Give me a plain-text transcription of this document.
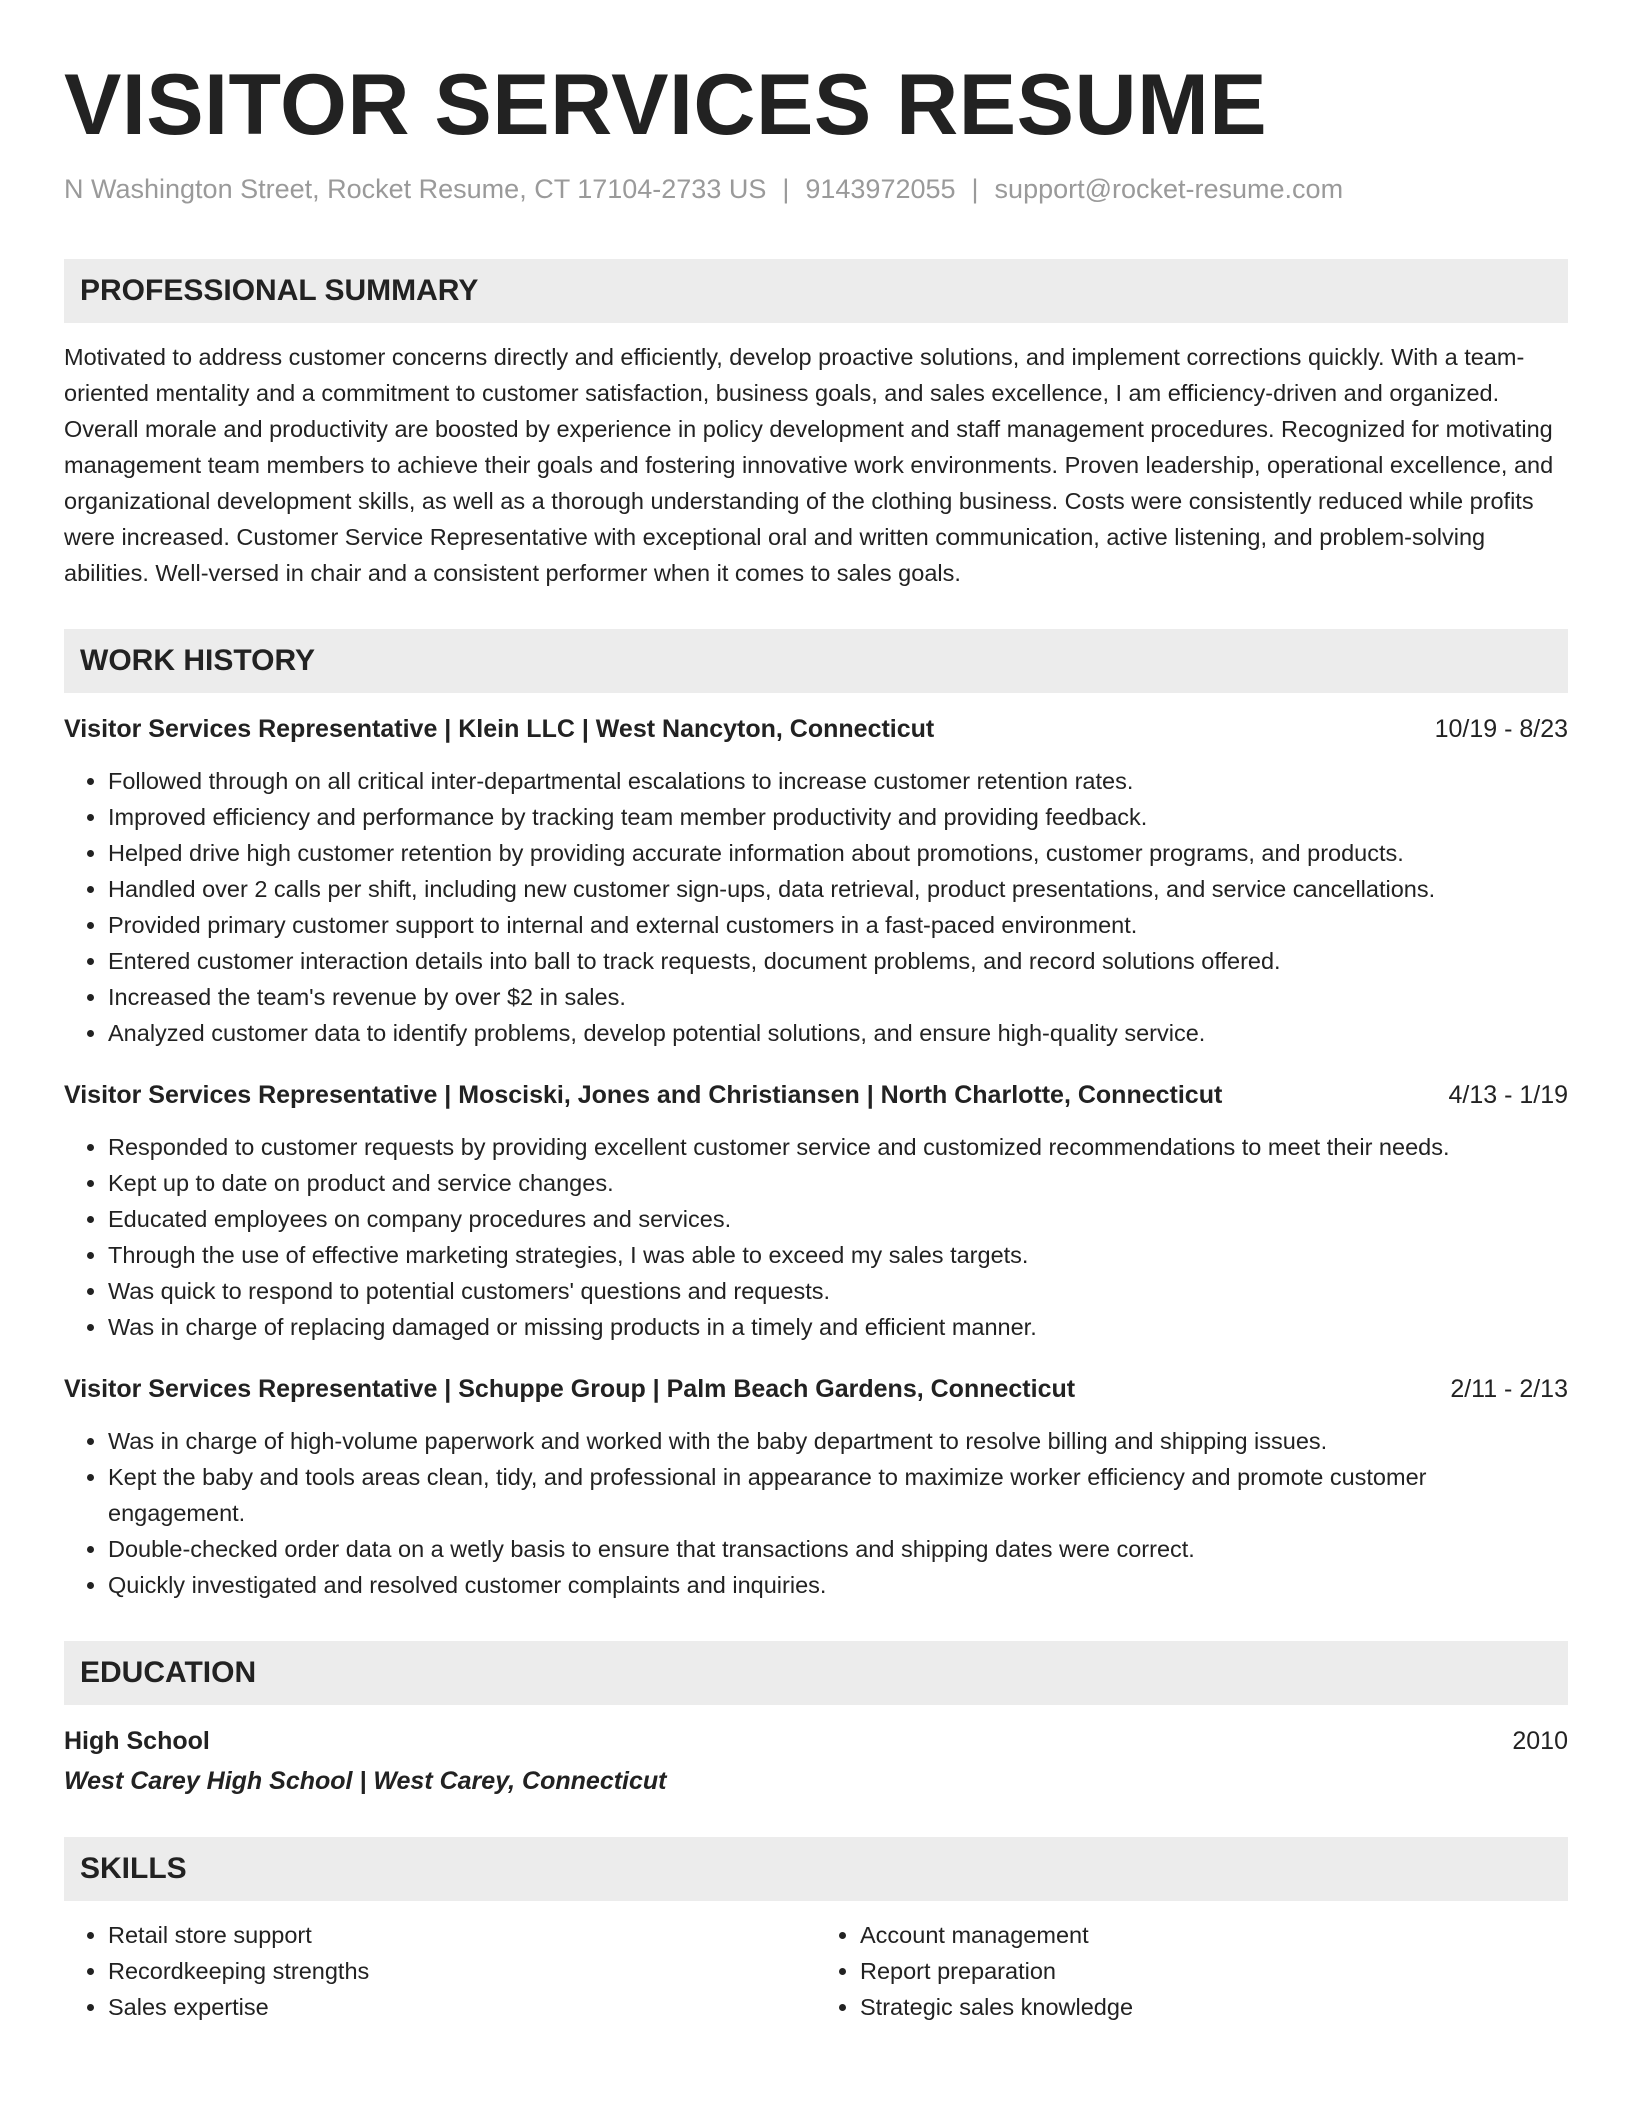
VISITOR SERVICES RESUME
N Washington Street, Rocket Resume, CT 17104-2733 US | 9143972055 | support@rocket-resume.com
PROFESSIONAL SUMMARY

Motivated to address customer concerns directly and efficiently, develop proactive solutions, and implement corrections quickly. With a team-oriented mentality and a commitment to customer satisfaction, business goals, and sales excellence, I am efficiency-driven and organized. Overall morale and productivity are boosted by experience in policy development and staff management procedures. Recognized for motivating management team members to achieve their goals and fostering innovative work environments. Proven leadership, operational excellence, and organizational development skills, as well as a thorough understanding of the clothing business. Costs were consistently reduced while profits were increased. Customer Service Representative with exceptional oral and written communication, active listening, and problem-solving abilities. Well-versed in chair and a consistent performer when it comes to sales goals.

WORK HISTORY
Visitor Services Representative | Klein LLC | West Nancyton, Connecticut	10/19 - 8/23
• Followed through on all critical inter-departmental escalations to increase customer retention rates.
• Improved efficiency and performance by tracking team member productivity and providing feedback.
• Helped drive high customer retention by providing accurate information about promotions, customer programs, and products.
• Handled over 2 calls per shift, including new customer sign-ups, data retrieval, product presentations, and service cancellations.
• Provided primary customer support to internal and external customers in a fast-paced environment.
• Entered customer interaction details into ball to track requests, document problems, and record solutions offered.
• Increased the team's revenue by over $2 in sales.
• Analyzed customer data to identify problems, develop potential solutions, and ensure high-quality service.
Visitor Services Representative | Mosciski, Jones and Christiansen | North Charlotte, Connecticut	4/13 - 1/19
• Responded to customer requests by providing excellent customer service and customized recommendations to meet their needs.
• Kept up to date on product and service changes.
• Educated employees on company procedures and services.
• Through the use of effective marketing strategies, I was able to exceed my sales targets.
• Was quick to respond to potential customers' questions and requests.
• Was in charge of replacing damaged or missing products in a timely and efficient manner.
Visitor Services Representative | Schuppe Group | Palm Beach Gardens, Connecticut	2/11 - 2/13
• Was in charge of high-volume paperwork and worked with the baby department to resolve billing and shipping issues.
• Kept the baby and tools areas clean, tidy, and professional in appearance to maximize worker efficiency and promote customer engagement.
• Double-checked order data on a wetly basis to ensure that transactions and shipping dates were correct.
• Quickly investigated and resolved customer complaints and inquiries.
EDUCATION
High School	2010
West Carey High School | West Carey, Connecticut
SKILLS
• Retail store support
• Recordkeeping strengths
• Sales expertise
• Account management
• Report preparation
• Strategic sales knowledge
